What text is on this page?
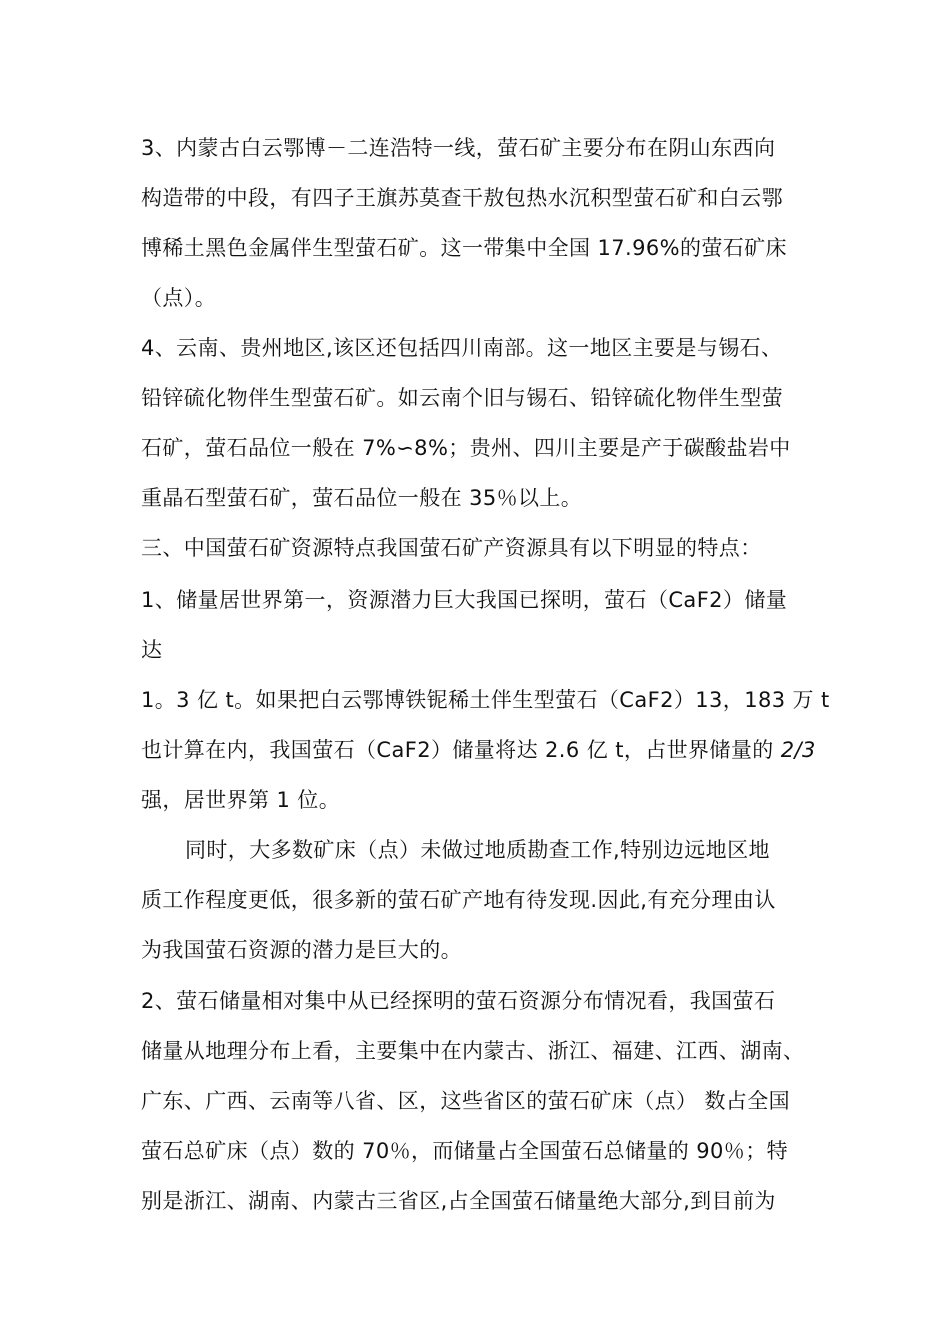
3、内蒙古白云鄂博－二连浩特一线，萤石矿主要分布在阴山东西向
构造带的中段，有四子王旗苏莫查干敖包热水沉积型萤石矿和白云鄂
博稀土黑色金属伴生型萤石矿。这一带集中全国 17.96%的萤石矿床
（点）。
4、云南、贵州地区,该区还包括四川南部。这一地区主要是与锡石、
铅锌硫化物伴生型萤石矿。如云南个旧与锡石、铅锌硫化物伴生型萤
石矿，萤石品位一般在 7%∽8%；贵州、四川主要是产于碳酸盐岩中
重晶石型萤石矿，萤石品位一般在 35％以上。
三、中国萤石矿资源特点我国萤石矿产资源具有以下明显的特点：
1、储量居世界第一，资源潜力巨大我国已探明，萤石（CaF2）储量
达
1。3 亿 t。如果把白云鄂博铁铌稀土伴生型萤石（CaF2）13，183 万 t
也计算在内，我国萤石（CaF2）储量将达 2.6 亿 t，占世界储量的 2/3
强，居世界第 1 位。
同时，大多数矿床（点）未做过地质勘查工作,特别边远地区地
质工作程度更低，很多新的萤石矿产地有待发现.因此,有充分理由认
为我国萤石资源的潜力是巨大的。
2、萤石储量相对集中从已经探明的萤石资源分布情况看，我国萤石
储量从地理分布上看，主要集中在内蒙古、浙江、福建、江西、湖南、
广东、广西、云南等八省、区，这些省区的萤石矿床（点） 数占全国
萤石总矿床（点）数的 70％，而储量占全国萤石总储量的 90％；特
别是浙江、湖南、内蒙古三省区,占全国萤石储量绝大部分,到目前为
